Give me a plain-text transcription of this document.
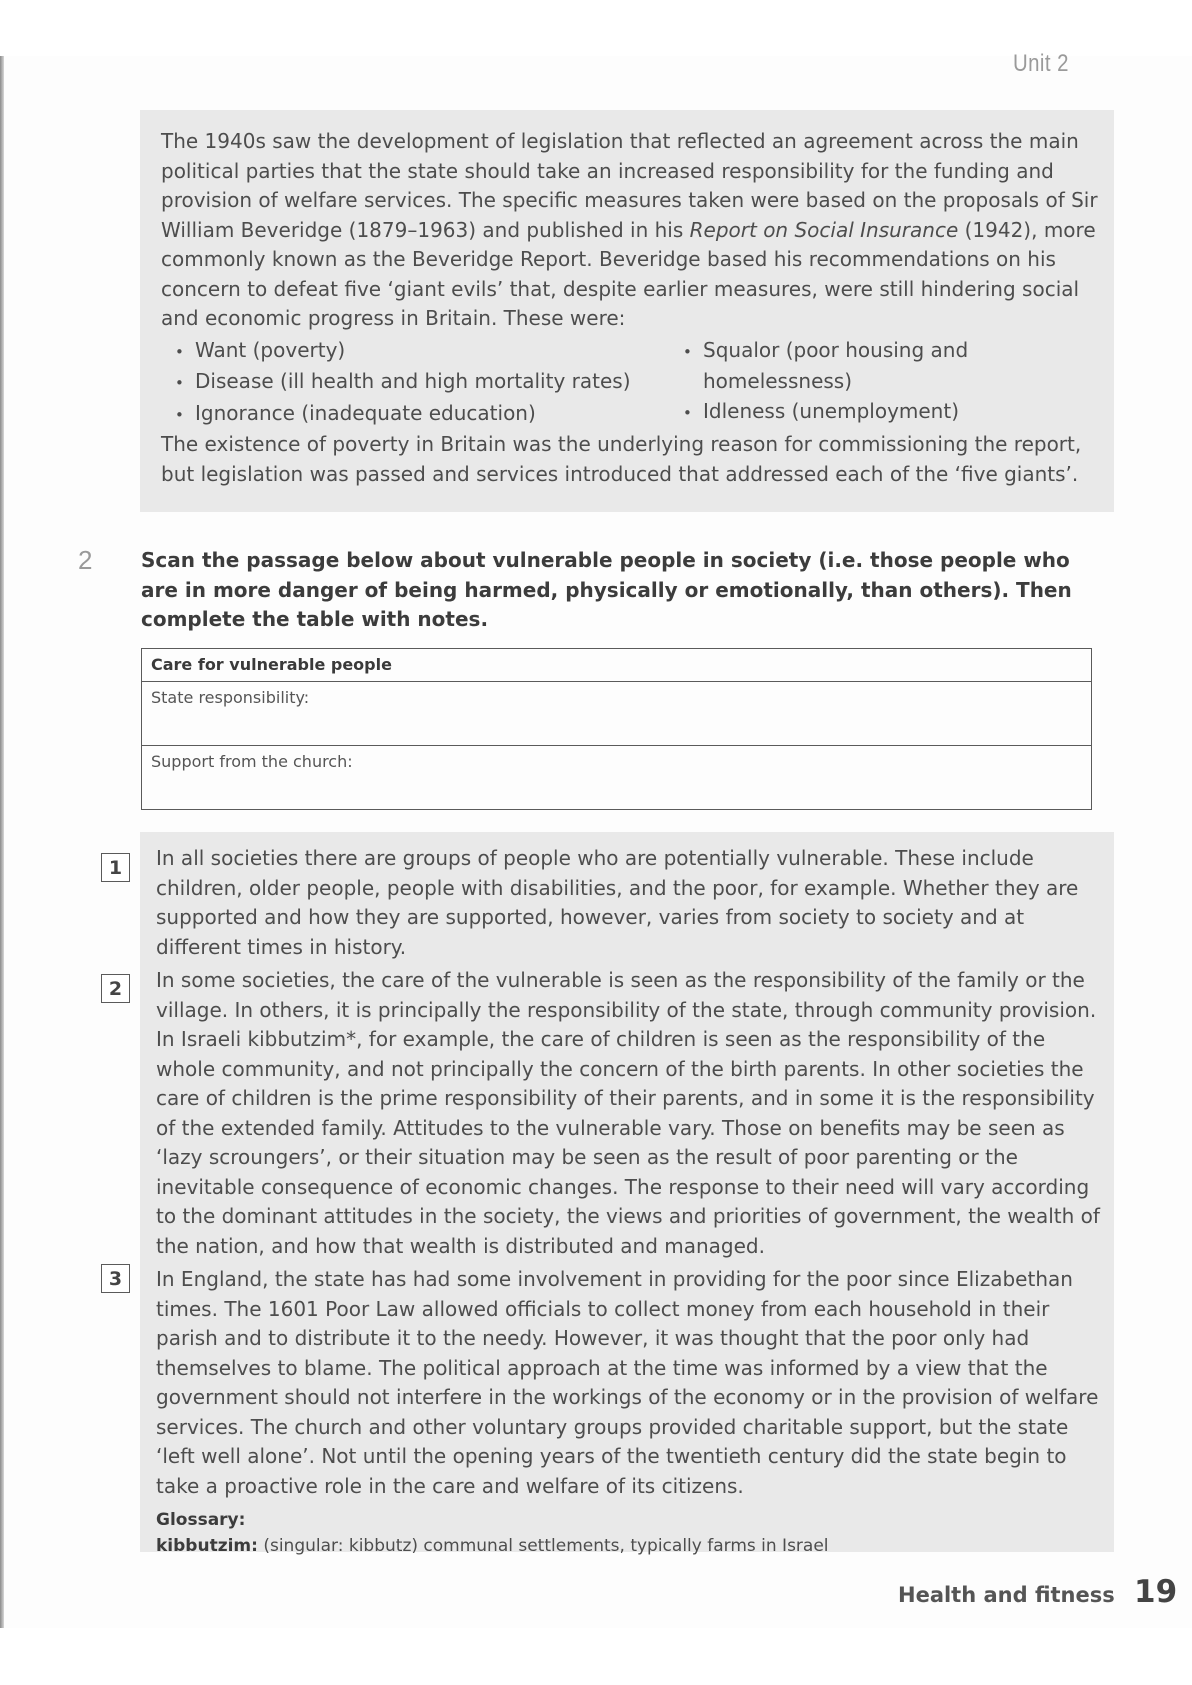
Unit 2

The 1940s saw the development of legislation that reflected an agreement across the main political parties that the state should take an increased responsibility for the funding and provision of welfare services. The specific measures taken were based on the proposals of Sir William Beveridge (1879–1963) and published in his Report on Social Insurance (1942), more commonly known as the Beveridge Report. Beveridge based his recommendations on his concern to defeat five ‘giant evils’ that, despite earlier measures, were still hindering social and economic progress in Britain. These were:

• Want (poverty)
• Disease (ill health and high mortality rates)
• Ignorance (inadequate education)
• Squalor (poor housing and
homelessness)
• Idleness (unemployment)

The existence of poverty in Britain was the underlying reason for commissioning the report, but legislation was passed and services introduced that addressed each of the ‘five giants’.

2 Scan the passage below about vulnerable people in society (i.e. those people who are in more danger of being harmed, physically or emotionally, than others). Then complete the table with notes.
Care for vulnerable people
State responsibility:
Support from the church:

In all societies there are groups of people who are potentially vulnerable. These include children, older people, people with disabilities, and the poor, for example. Whether they are supported and how they are supported, however, varies from society to society and at different times in history.

In some societies, the care of the vulnerable is seen as the responsibility of the family or the village. In others, it is principally the responsibility of the state, through community provision. In Israeli kibbutzim*, for example, the care of children is seen as the responsibility of the whole community, and not principally the concern of the birth parents. In other societies the care of children is the prime responsibility of their parents, and in some it is the responsibility of the extended family. Attitudes to the vulnerable vary. Those on benefits may be seen as ‘lazy scroungers’, or their situation may be seen as the result of poor parenting or the inevitable consequence of economic changes. The response to their need will vary according to the dominant attitudes in the society, the views and priorities of government, the wealth of the nation, and how that wealth is distributed and managed.

In England, the state has had some involvement in providing for the poor since Elizabethan times. The 1601 Poor Law allowed officials to collect money from each household in their parish and to distribute it to the needy. However, it was thought that the poor only had themselves to blame. The political approach at the time was informed by a view that the government should not interfere in the workings of the economy or in the provision of welfare services. The church and other voluntary groups provided charitable support, but the state ‘left well alone’. Not until the opening years of the twentieth century did the state begin to take a proactive role in the care and welfare of its citizens.

Glossary:
kibbutzim: (singular: kibbutz) communal settlements, typically farms in Israel
1
2
3
Health and fitness 19
